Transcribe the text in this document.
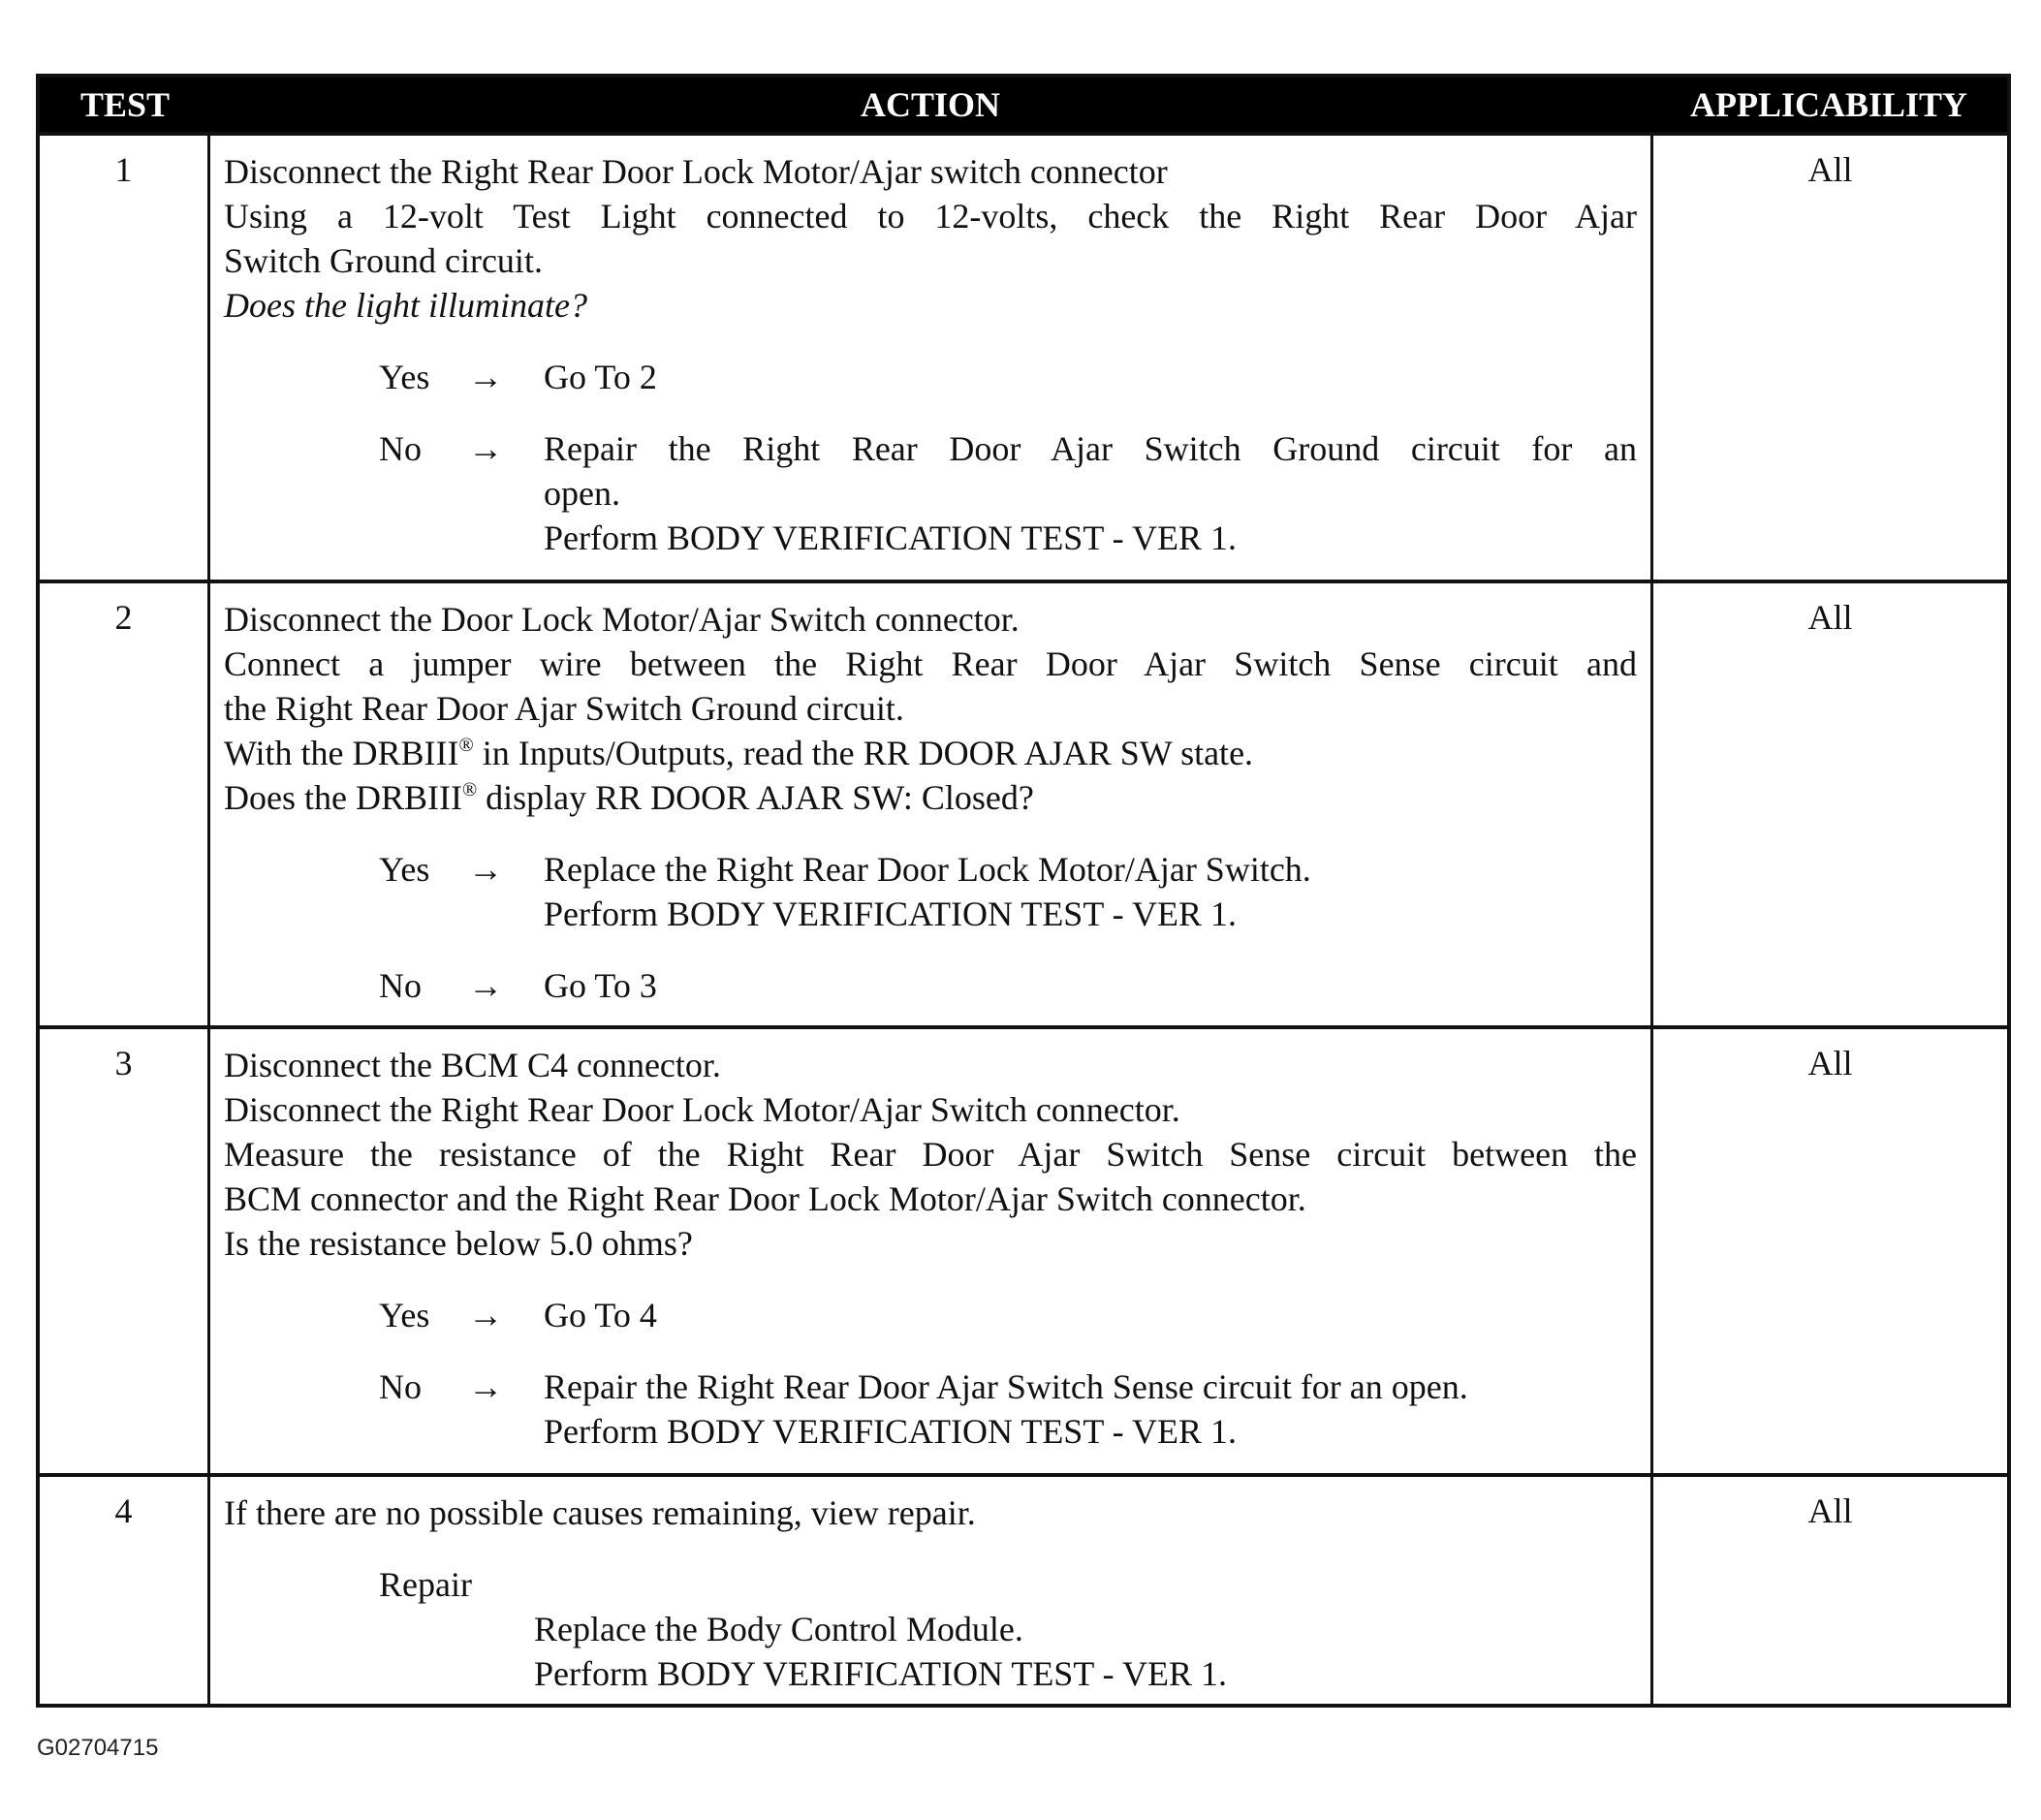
TEST	ACTION	APPLICABILITY
1	Disconnect the Right Rear Door Lock Motor/Ajar switch connector
Using a 12-volt Test Light connected to 12-volts, check the Right Rear Door Ajar
Switch Ground circuit.
Does the light illuminate?
Yes → Go To 2
No → Repair the Right Rear Door Ajar Switch Ground circuit for an
open.
Perform BODY VERIFICATION TEST - VER 1.
All
2	Disconnect the Door Lock Motor/Ajar Switch connector.
Connect a jumper wire between the Right Rear Door Ajar Switch Sense circuit and
the Right Rear Door Ajar Switch Ground circuit.
With the DRBIII® in Inputs/Outputs, read the RR DOOR AJAR SW state.
Does the DRBIII® display RR DOOR AJAR SW: Closed?
Yes → Replace the Right Rear Door Lock Motor/Ajar Switch.
Perform BODY VERIFICATION TEST - VER 1.
No → Go To 3
All
3	Disconnect the BCM C4 connector.
Disconnect the Right Rear Door Lock Motor/Ajar Switch connector.
Measure the resistance of the Right Rear Door Ajar Switch Sense circuit between the
BCM connector and the Right Rear Door Lock Motor/Ajar Switch connector.
Is the resistance below 5.0 ohms?
Yes → Go To 4
No → Repair the Right Rear Door Ajar Switch Sense circuit for an open.
Perform BODY VERIFICATION TEST - VER 1.
All
4	If there are no possible causes remaining, view repair.
Repair
Replace the Body Control Module.
Perform BODY VERIFICATION TEST - VER 1.
All
G02704715
